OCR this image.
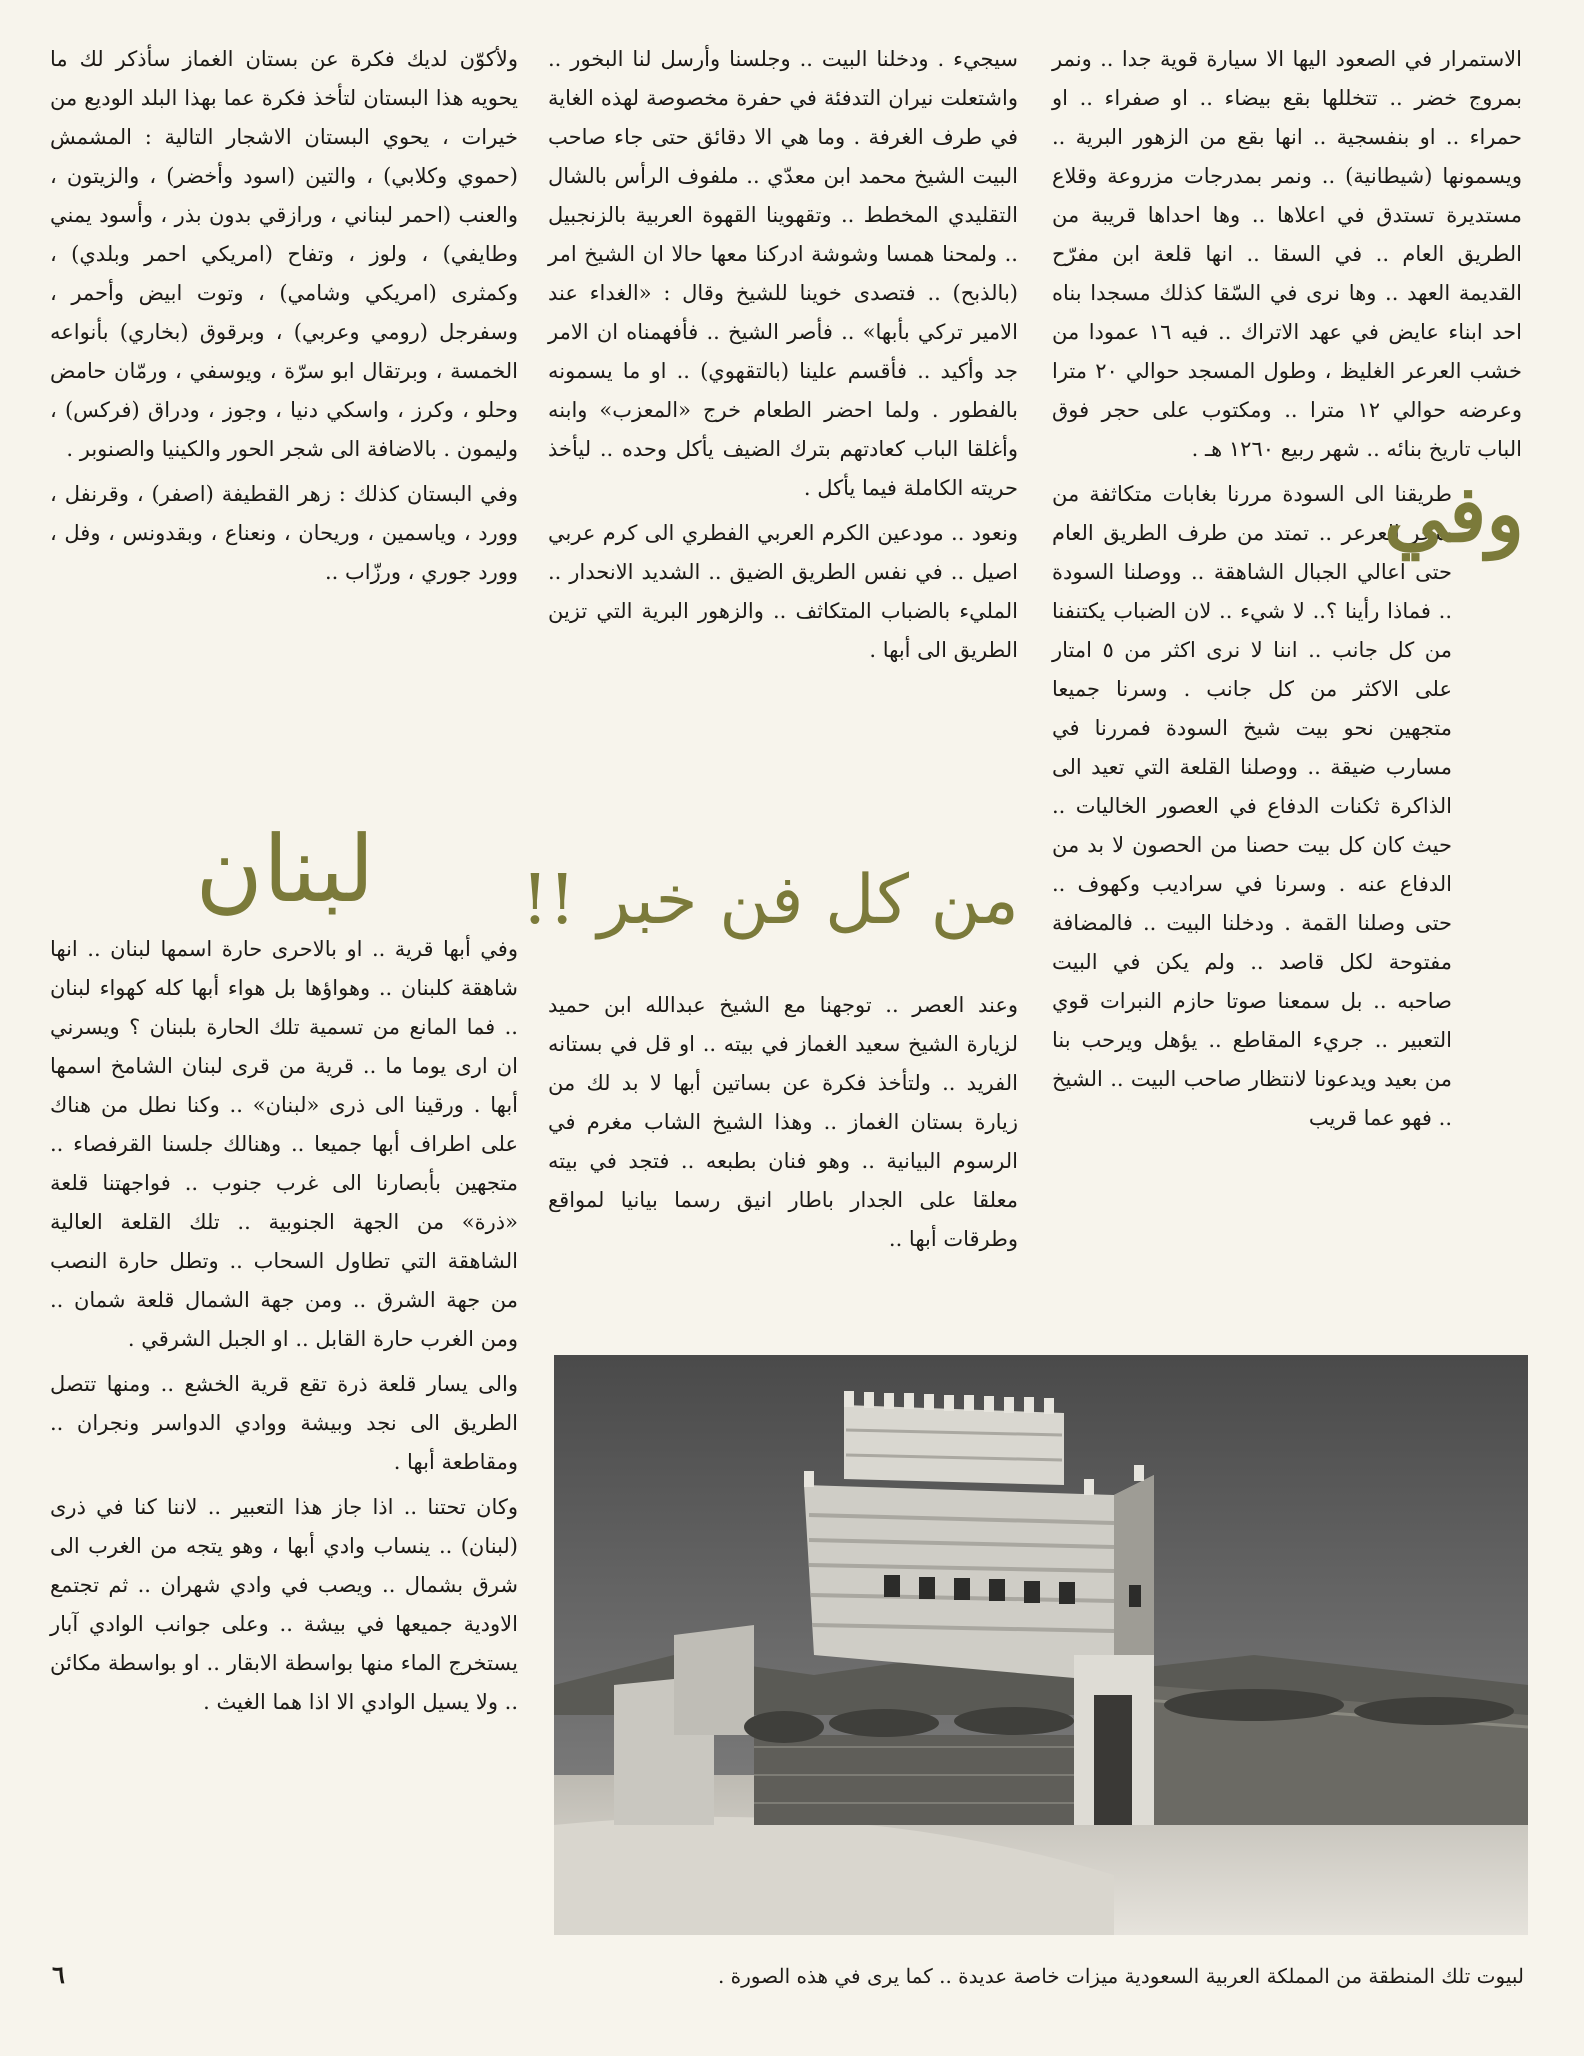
الاستمرار في الصعود اليها الا سيارة قوية جدا .. ونمر بمروج خضر .. تتخللها بقع بيضاء .. او صفراء .. او حمراء .. او بنفسجية .. انها بقع من الزهور البرية .. ويسمونها (شيطانية) .. ونمر بمدرجات مزروعة وقلاع مستديرة تستدق في اعلاها .. وها احداها قريبة من الطريق العام .. في السقا .. انها قلعة ابن مفرّح القديمة العهد .. وها نرى في السّقا كذلك مسجدا بناه احد ابناء عايض في عهد الاتراك .. فيه ١٦ عمودا من خشب العرعر الغليظ ، وطول المسجد حوالي ٢٠ مترا وعرضه حوالي ١٢ مترا .. ومكتوب على حجر فوق الباب تاريخ بنائه .. شهر ربيع ١٢٦٠ هـ .

وفي
طريقنا الى السودة مررنا بغابات متكاثفة من شجر العرعر .. تمتد من طرف الطريق العام حتى اعالي الجبال الشاهقة .. ووصلنا السودة .. فماذا رأينا ؟.. لا شيء .. لان الضباب يكتنفنا من كل جانب .. اننا لا نرى اكثر من ٥ امتار على الاكثر من كل جانب . وسرنا جميعا متجهين نحو بيت شيخ السودة فمررنا في مسارب ضيقة .. ووصلنا القلعة التي تعيد الى الذاكرة ثكنات الدفاع في العصور الخاليات .. حيث كان كل بيت حصنا من الحصون لا بد من الدفاع عنه . وسرنا في سراديب وكهوف .. حتى وصلنا القمة . ودخلنا البيت .. فالمضافة مفتوحة لكل قاصد .. ولم يكن في البيت صاحبه .. بل سمعنا صوتا حازم النبرات قوي التعبير .. جريء المقاطع .. يؤهل ويرحب بنا من بعيد ويدعونا لانتظار صاحب البيت .. الشيخ .. فهو عما قريب

سيجيء . ودخلنا البيت .. وجلسنا وأرسل لنا البخور .. واشتعلت نيران التدفئة في حفرة مخصوصة لهذه الغاية في طرف الغرفة . وما هي الا دقائق حتى جاء صاحب البيت الشيخ محمد ابن معدّي .. ملفوف الرأس بالشال التقليدي المخطط .. وتقهوينا القهوة العربية بالزنجبيل .. ولمحنا همسا وشوشة ادركنا معها حالا ان الشيخ امر (بالذبح) .. فتصدى خوينا للشيخ وقال : «الغداء عند الامير تركي بأبها» .. فأصر الشيخ .. فأفهمناه ان الامر جد وأكيد .. فأقسم علينا (بالتقهوي) .. او ما يسمونه بالفطور . ولما احضر الطعام خرج «المعزب» وابنه وأغلقا الباب كعادتهم بترك الضيف يأكل وحده .. ليأخذ حريته الكاملة فيما يأكل .

ونعود .. مودعين الكرم العربي الفطري الى كرم عربي اصيل .. في نفس الطريق الضيق .. الشديد الانحدار .. المليء بالضباب المتكاثف .. والزهور البرية التي تزين الطريق الى أبها .

من كل فن خبر !!

وعند العصر .. توجهنا مع الشيخ عبدالله ابن حميد لزيارة الشيخ سعيد الغماز في بيته .. او قل في بستانه الفريد .. ولتأخذ فكرة عن بساتين أبها لا بد لك من زيارة بستان الغماز .. وهذا الشيخ الشاب مغرم في الرسوم البيانية .. وهو فنان بطبعه .. فتجد في بيته معلقا على الجدار باطار انيق رسما بيانيا لمواقع وطرقات أبها ..

ولأكوّن لديك فكرة عن بستان الغماز سأذكر لك ما يحويه هذا البستان لتأخذ فكرة عما بهذا البلد الوديع من خيرات ، يحوي البستان الاشجار التالية : المشمش (حموي وكلابي) ، والتين (اسود وأخضر) ، والزيتون ، والعنب (احمر لبناني ، ورازقي بدون بذر ، وأسود يمني وطايفي) ، ولوز ، وتفاح (امريكي احمر وبلدي) ، وكمثرى (امريكي وشامي) ، وتوت ابيض وأحمر ، وسفرجل (رومي وعربي) ، وبرقوق (بخاري) بأنواعه الخمسة ، وبرتقال ابو سرّة ، ويوسفي ، ورمّان حامض وحلو ، وكرز ، واسكي دنيا ، وجوز ، ودراق (فركس) ، وليمون . بالاضافة الى شجر الحور والكينيا والصنوبر .

وفي البستان كذلك : زهر القطيفة (اصفر) ، وقرنفل ، وورد ، وياسمين ، وريحان ، ونعناع ، وبقدونس ، وفل ، وورد جوري ، ورزّاب ..

لبنان

وفي أبها قرية .. او بالاحرى حارة اسمها لبنان .. انها شاهقة كلبنان .. وهواؤها بل هواء أبها كله كهواء لبنان .. فما المانع من تسمية تلك الحارة بلبنان ؟ ويسرني ان ارى يوما ما .. قرية من قرى لبنان الشامخ اسمها أبها . ورقينا الى ذرى «لبنان» .. وكنا نطل من هناك على اطراف أبها جميعا .. وهنالك جلسنا القرفصاء .. متجهين بأبصارنا الى غرب جنوب .. فواجهتنا قلعة «ذرة» من الجهة الجنوبية .. تلك القلعة العالية الشاهقة التي تطاول السحاب .. وتطل حارة النصب من جهة الشرق .. ومن جهة الشمال قلعة شمان .. ومن الغرب حارة القابل .. او الجبل الشرقي .

والى يسار قلعة ذرة تقع قرية الخشع .. ومنها تتصل الطريق الى نجد وبيشة ووادي الدواسر ونجران .. ومقاطعة أبها .

وكان تحتنا .. اذا جاز هذا التعبير .. لاننا كنا في ذرى (لبنان) .. ينساب وادي أبها ، وهو يتجه من الغرب الى شرق بشمال .. ويصب في وادي شهران .. ثم تجتمع الاودية جميعها في بيشة .. وعلى جوانب الوادي آبار يستخرج الماء منها بواسطة الابقار .. او بواسطة مكائن .. ولا يسيل الوادي الا اذا هما الغيث .

لبيوت تلك المنطقة من المملكة العربية السعودية ميزات خاصة عديدة .. كما يرى في هذه الصورة .
٦
